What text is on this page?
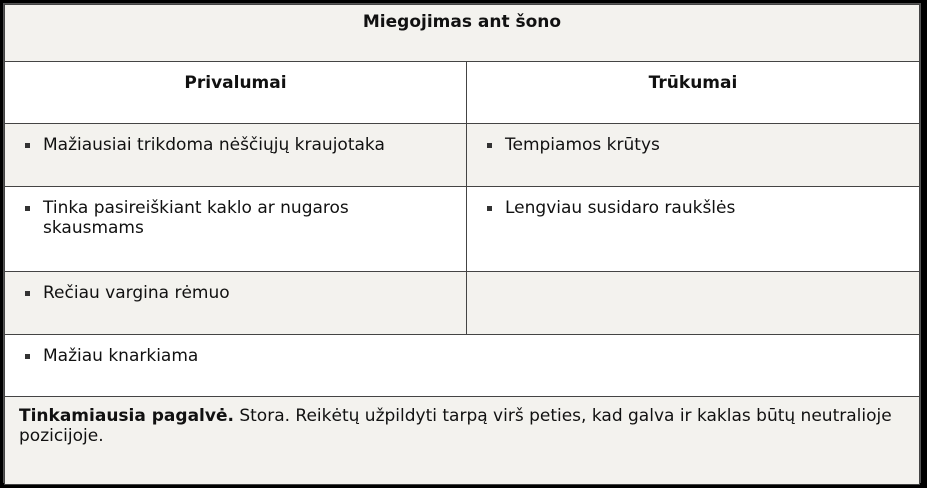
Miegojimas ant šono	
Privalumai	Trūkumai

Mažiausiai trikdoma nėščiųjų kraujotaka	Tempiamos krūtys

Tinka pasireiškiant kaklo ar nugaros skausmams	Lengviau susidaro raukšlės

Rečiau vargina rėmuo	

Mažiau knarkiama	

Tinkamiausia pagalvė. Stora. Reikėtų užpildyti tarpą virš peties, kad galva ir kaklas būtų neutralioje pozicijoje.	
